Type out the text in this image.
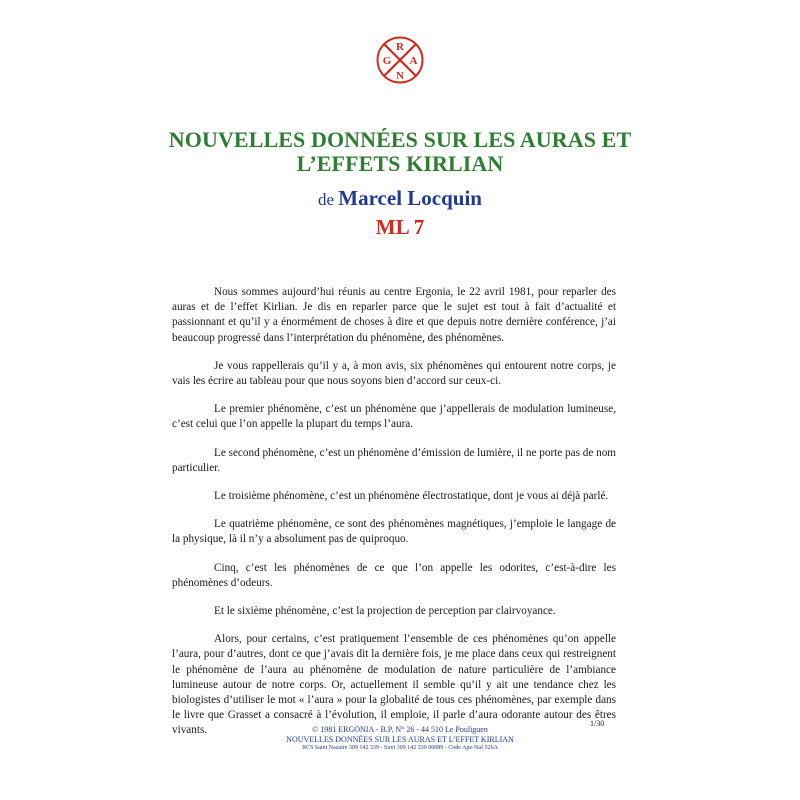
R
G A
N
NOUVELLES DONNÉES SUR LES AURAS ET
L’EFFETS KIRLIAN
de Marcel Locquin
ML 7

Nous sommes aujourd’hui réunis au centre Ergonia, le 22 avril 1981, pour reparler des auras et de l’effet Kirlian. Je dis en reparler parce que le sujet est tout à fait d’actualité et passionnant et qu’il y a énormément de choses à dire et que depuis notre dernière conférence, j’ai beaucoup progressé dans l’interprétation du phénomène, des phénomènes.

Je vous rappellerais qu’il y a, à mon avis, six phénomènes qui entourent notre corps, je vais les écrire au tableau pour que nous soyons bien d’accord sur ceux-ci.

Le premier phénomène, c’est un phénomène que j’appellerais de modulation lumineuse, c’est celui que l’on appelle la plupart du temps l’aura.

Le second phénomène, c’est un phénomène d’émission de lumière, il ne porte pas de nom particulier.

Le troisième phénomène, c’est un phénomène électrostatique, dont je vous ai déjà parlé.

Le quatrième phénomène, ce sont des phénomènes magnétiques, j’emploie le langage de la physique, là il n’y a absolument pas de quiproquo.

Cinq, c’est les phénomènes de ce que l’on appelle les odorites, c’est-à-dire les phénomènes d’odeurs.

Et le sixième phénomène, c’est la projection de perception par clairvoyance.

Alors, pour certains, c’est pratiquement l’ensemble de ces phénomènes qu’on appelle l’aura, pour d’autres, dont ce que j’avais dit la dernière fois, je me place dans ceux qui restreignent le phénomène de l’aura au phénomène de modulation de nature particulière de l’ambiance lumineuse autour de notre corps. Or, actuellement il semble qu’il y ait une tendance chez les biologistes d’utiliser le mot « l’aura » pour la globalité de tous ces phénomènes, par exemple dans le livre que Grasset a consacré à l’évolution, il emploie, il parle d’aura odorante autour des êtres vivants.

1/30
© 1981 ERGONIA - B.P. N° 26 - 44 510 Le Pouliguen
NOUVELLES DONNÉES SUR LES AURAS ET L’EFFET KIRLIAN
RCS Saint Nazaire 309 142 339 - Siret 309 142 339 00089 - Code Ape-Naf 526A
